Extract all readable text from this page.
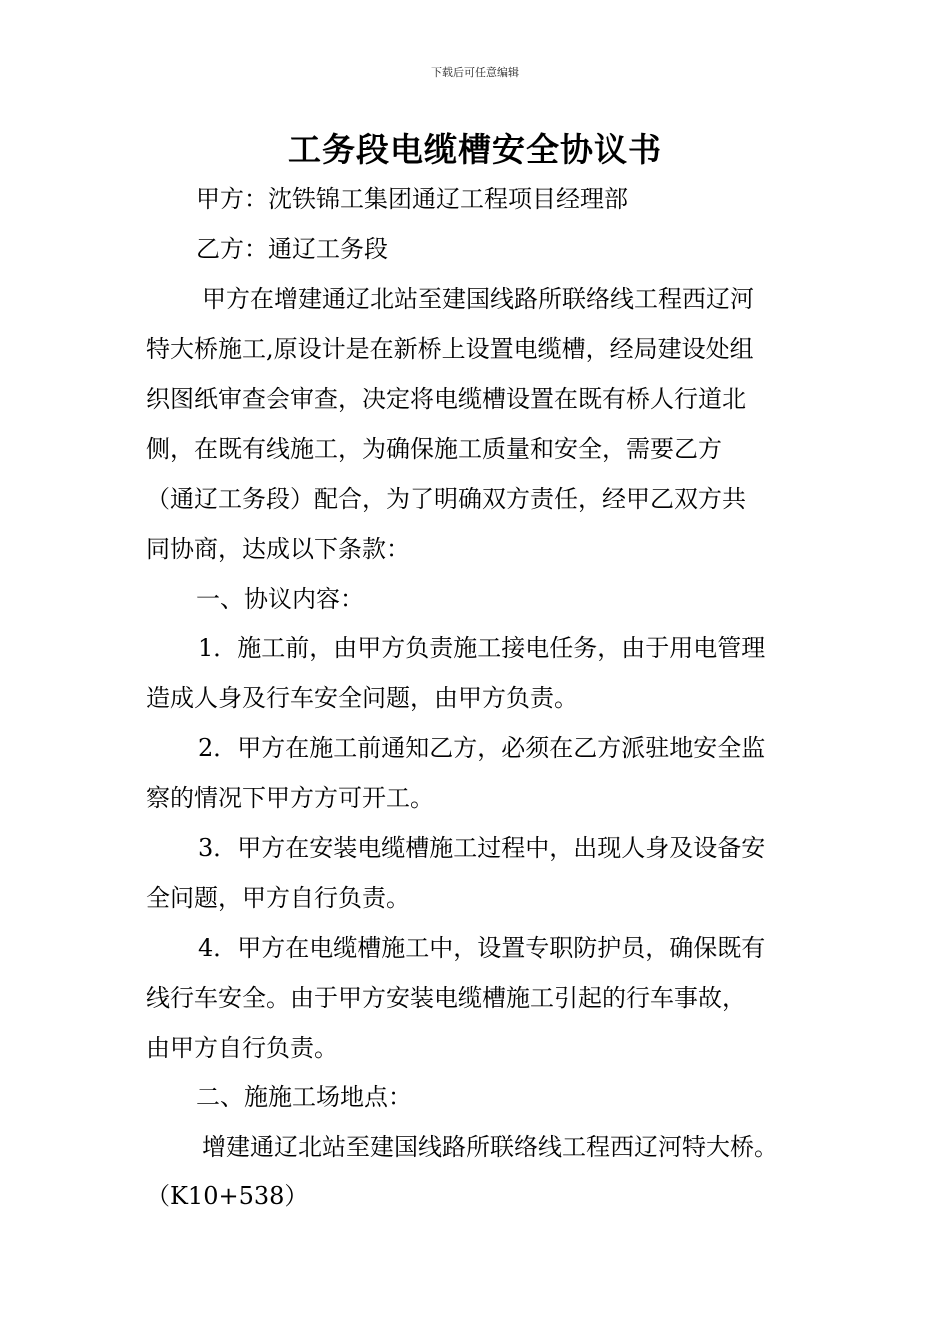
下载后可任意编辑
工务段电缆槽安全协议书
甲方：沈铁锦工集团通辽工程项目经理部
乙方：通辽工务段
甲方在增建通辽北站至建国线路所联络线工程西辽河
特大桥施工,原设计是在新桥上设置电缆槽，经局建设处组
织图纸审查会审查，决定将电缆槽设置在既有桥人行道北
侧，在既有线施工，为确保施工质量和安全，需要乙方
（通辽工务段）配合，为了明确双方责任，经甲乙双方共
同协商，达成以下条款：
一、协议内容：
1．施工前，由甲方负责施工接电任务，由于用电管理
造成人身及行车安全问题，由甲方负责。
2．甲方在施工前通知乙方，必须在乙方派驻地安全监
察的情况下甲方方可开工。
3．甲方在安装电缆槽施工过程中，出现人身及设备安
全问题，甲方自行负责。
4．甲方在电缆槽施工中，设置专职防护员，确保既有
线行车安全。由于甲方安装电缆槽施工引起的行车事故，
由甲方自行负责。
二、施施工场地点：
增建通辽北站至建国线路所联络线工程西辽河特大桥。
（K10+538）
